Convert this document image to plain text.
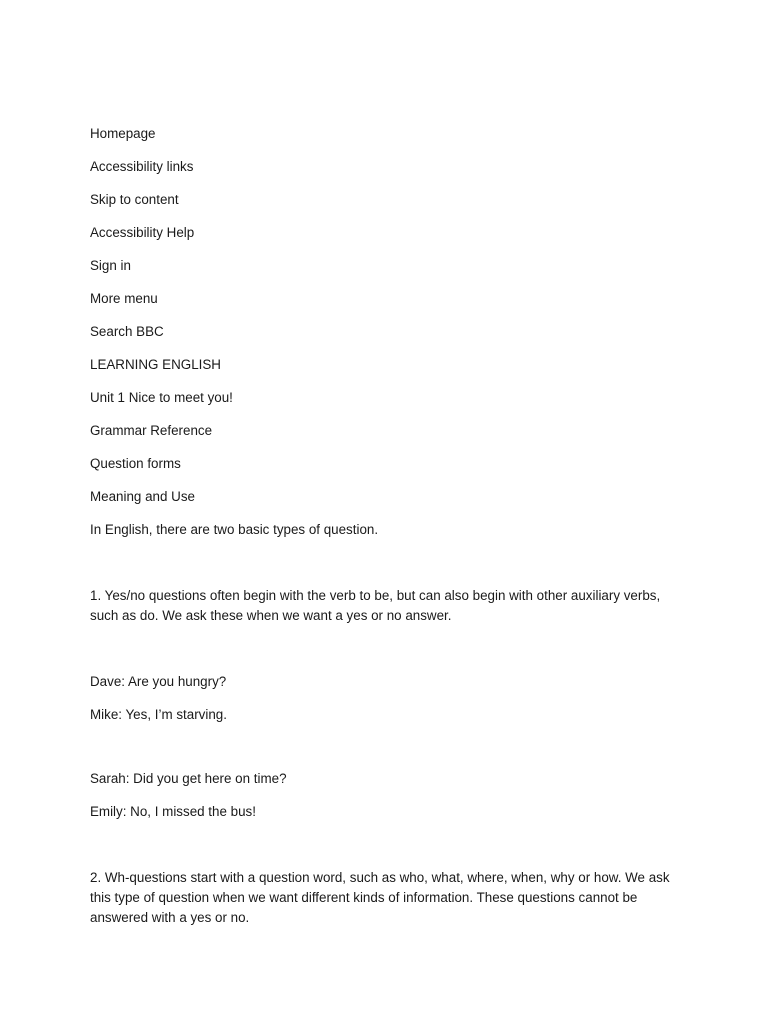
Homepage
Accessibility links
Skip to content
Accessibility Help
Sign in
More menu
Search BBC
LEARNING ENGLISH
Unit 1 Nice to meet you!
Grammar Reference
Question forms
Meaning and Use
In English, there are two basic types of question.
1. Yes/no questions often begin with the verb to be, but can also begin with other auxiliary verbs, such as do. We ask these when we want a yes or no answer.
Dave: Are you hungry?
Mike: Yes, I’m starving.
Sarah: Did you get here on time?
Emily: No, I missed the bus!
2. Wh-questions start with a question word, such as who, what, where, when, why or how. We ask this type of question when we want different kinds of information. These questions cannot be answered with a yes or no.
